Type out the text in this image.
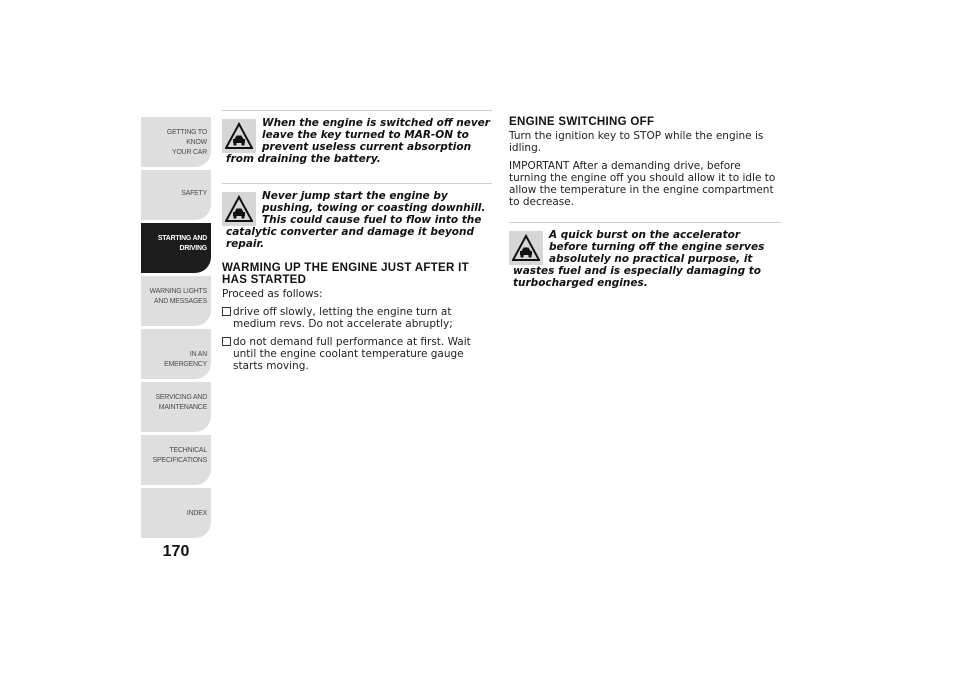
GETTING TO KNOW
YOUR CAR
SAFETY
STARTING AND
DRIVING
WARNING LIGHTS
AND MESSAGES
IN AN EMERGENCY
SERVICING AND
MAINTENANCE
TECHNICAL
SPECIFICATIONS
INDEX
170
When the engine is switched off never leave the key turned to MAR-ON to prevent useless current absorption from draining the battery.
Never jump start the engine by pushing, towing or coasting downhill. This could cause fuel to flow into the catalytic converter and damage it beyond repair.
WARMING UP THE ENGINE JUST AFTER IT HAS STARTED

Proceed as follows:

drive off slowly, letting the engine turn at medium revs. Do not accelerate abruptly;
do not demand full performance at first. Wait until the engine coolant temperature gauge starts moving.
ENGINE SWITCHING OFF

Turn the ignition key to STOP while the engine is idling.

IMPORTANT After a demanding drive, before turning the engine off you should allow it to idle to allow the temperature in the engine compartment to decrease.

A quick burst on the accelerator before turning off the engine serves absolutely no practical purpose, it wastes fuel and is especially damaging to turbocharged engines.
